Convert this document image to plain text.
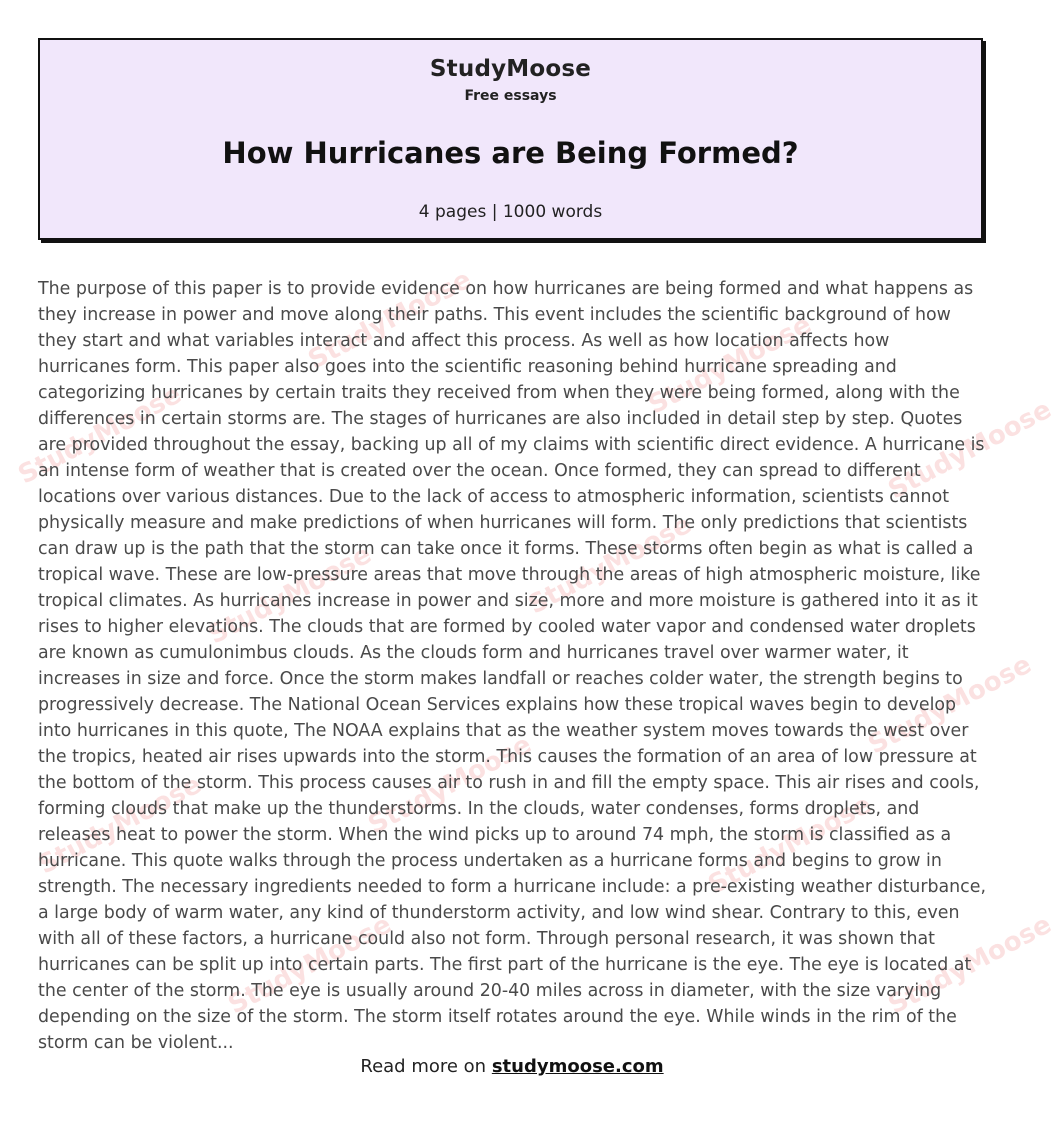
StudyMoose
Free essays
How Hurricanes are Being Formed?
4 pages | 1000 words
StudyMoose
StudyMoose
StudyMoose
StudyMoose
StudyMoose	StudyMoose
StudyMoose
StudyMoose	StudyMoose
StudyMoose
StudyMoose
StudyMoose

The purpose of this paper is to provide evidence on how hurricanes are being formed and what happens as they increase in power and move along their paths. This event includes the scientific background of how they start and what variables interact and affect this process. As well as how location affects how hurricanes form. This paper also goes into the scientific reasoning behind hurricane spreading and categorizing hurricanes by certain traits they received from when they were being formed, along with the differences in certain storms are. The stages of hurricanes are also included in detail step by step. Quotes are provided throughout the essay, backing up all of my claims with scientific direct evidence. A hurricane is an intense form of weather that is created over the ocean. Once formed, they can spread to different locations over various distances. Due to the lack of access to atmospheric information, scientists cannot physically measure and make predictions of when hurricanes will form. The only predictions that scientists can draw up is the path that the storm can take once it forms. These storms often begin as what is called a tropical wave. These are low-pressure areas that move through the areas of high atmospheric moisture, like tropical climates. As hurricanes increase in power and size, more and more moisture is gathered into it as it rises to higher elevations. The clouds that are formed by cooled water vapor and condensed water droplets are known as cumulonimbus clouds. As the clouds form and hurricanes travel over warmer water, it increases in size and force. Once the storm makes landfall or reaches colder water, the strength begins to progressively decrease. The National Ocean Services explains how these tropical waves begin to develop into hurricanes in this quote, The NOAA explains that as the weather system moves towards the west over the tropics, heated air rises upwards into the storm. This causes the formation of an area of low pressure at the bottom of the storm. This process causes air to rush in and fill the empty space. This air rises and cools, forming clouds that make up the thunderstorms. In the clouds, water condenses, forms droplets, and releases heat to power the storm. When the wind picks up to around 74 mph, the storm is classified as a hurricane. This quote walks through the process undertaken as a hurricane forms and begins to grow in strength. The necessary ingredients needed to form a hurricane include: a pre-existing weather disturbance, a large body of warm water, any kind of thunderstorm activity, and low wind shear. Contrary to this, even with all of these factors, a hurricane could also not form. Through personal research, it was shown that hurricanes can be split up into certain parts. The first part of the hurricane is the eye. The eye is located at the center of the storm. The eye is usually around 20-40 miles across in diameter, with the size varying depending on the size of the storm. The storm itself rotates around the eye. While winds in the rim of the storm can be violent...

Read more on studymoose.com
